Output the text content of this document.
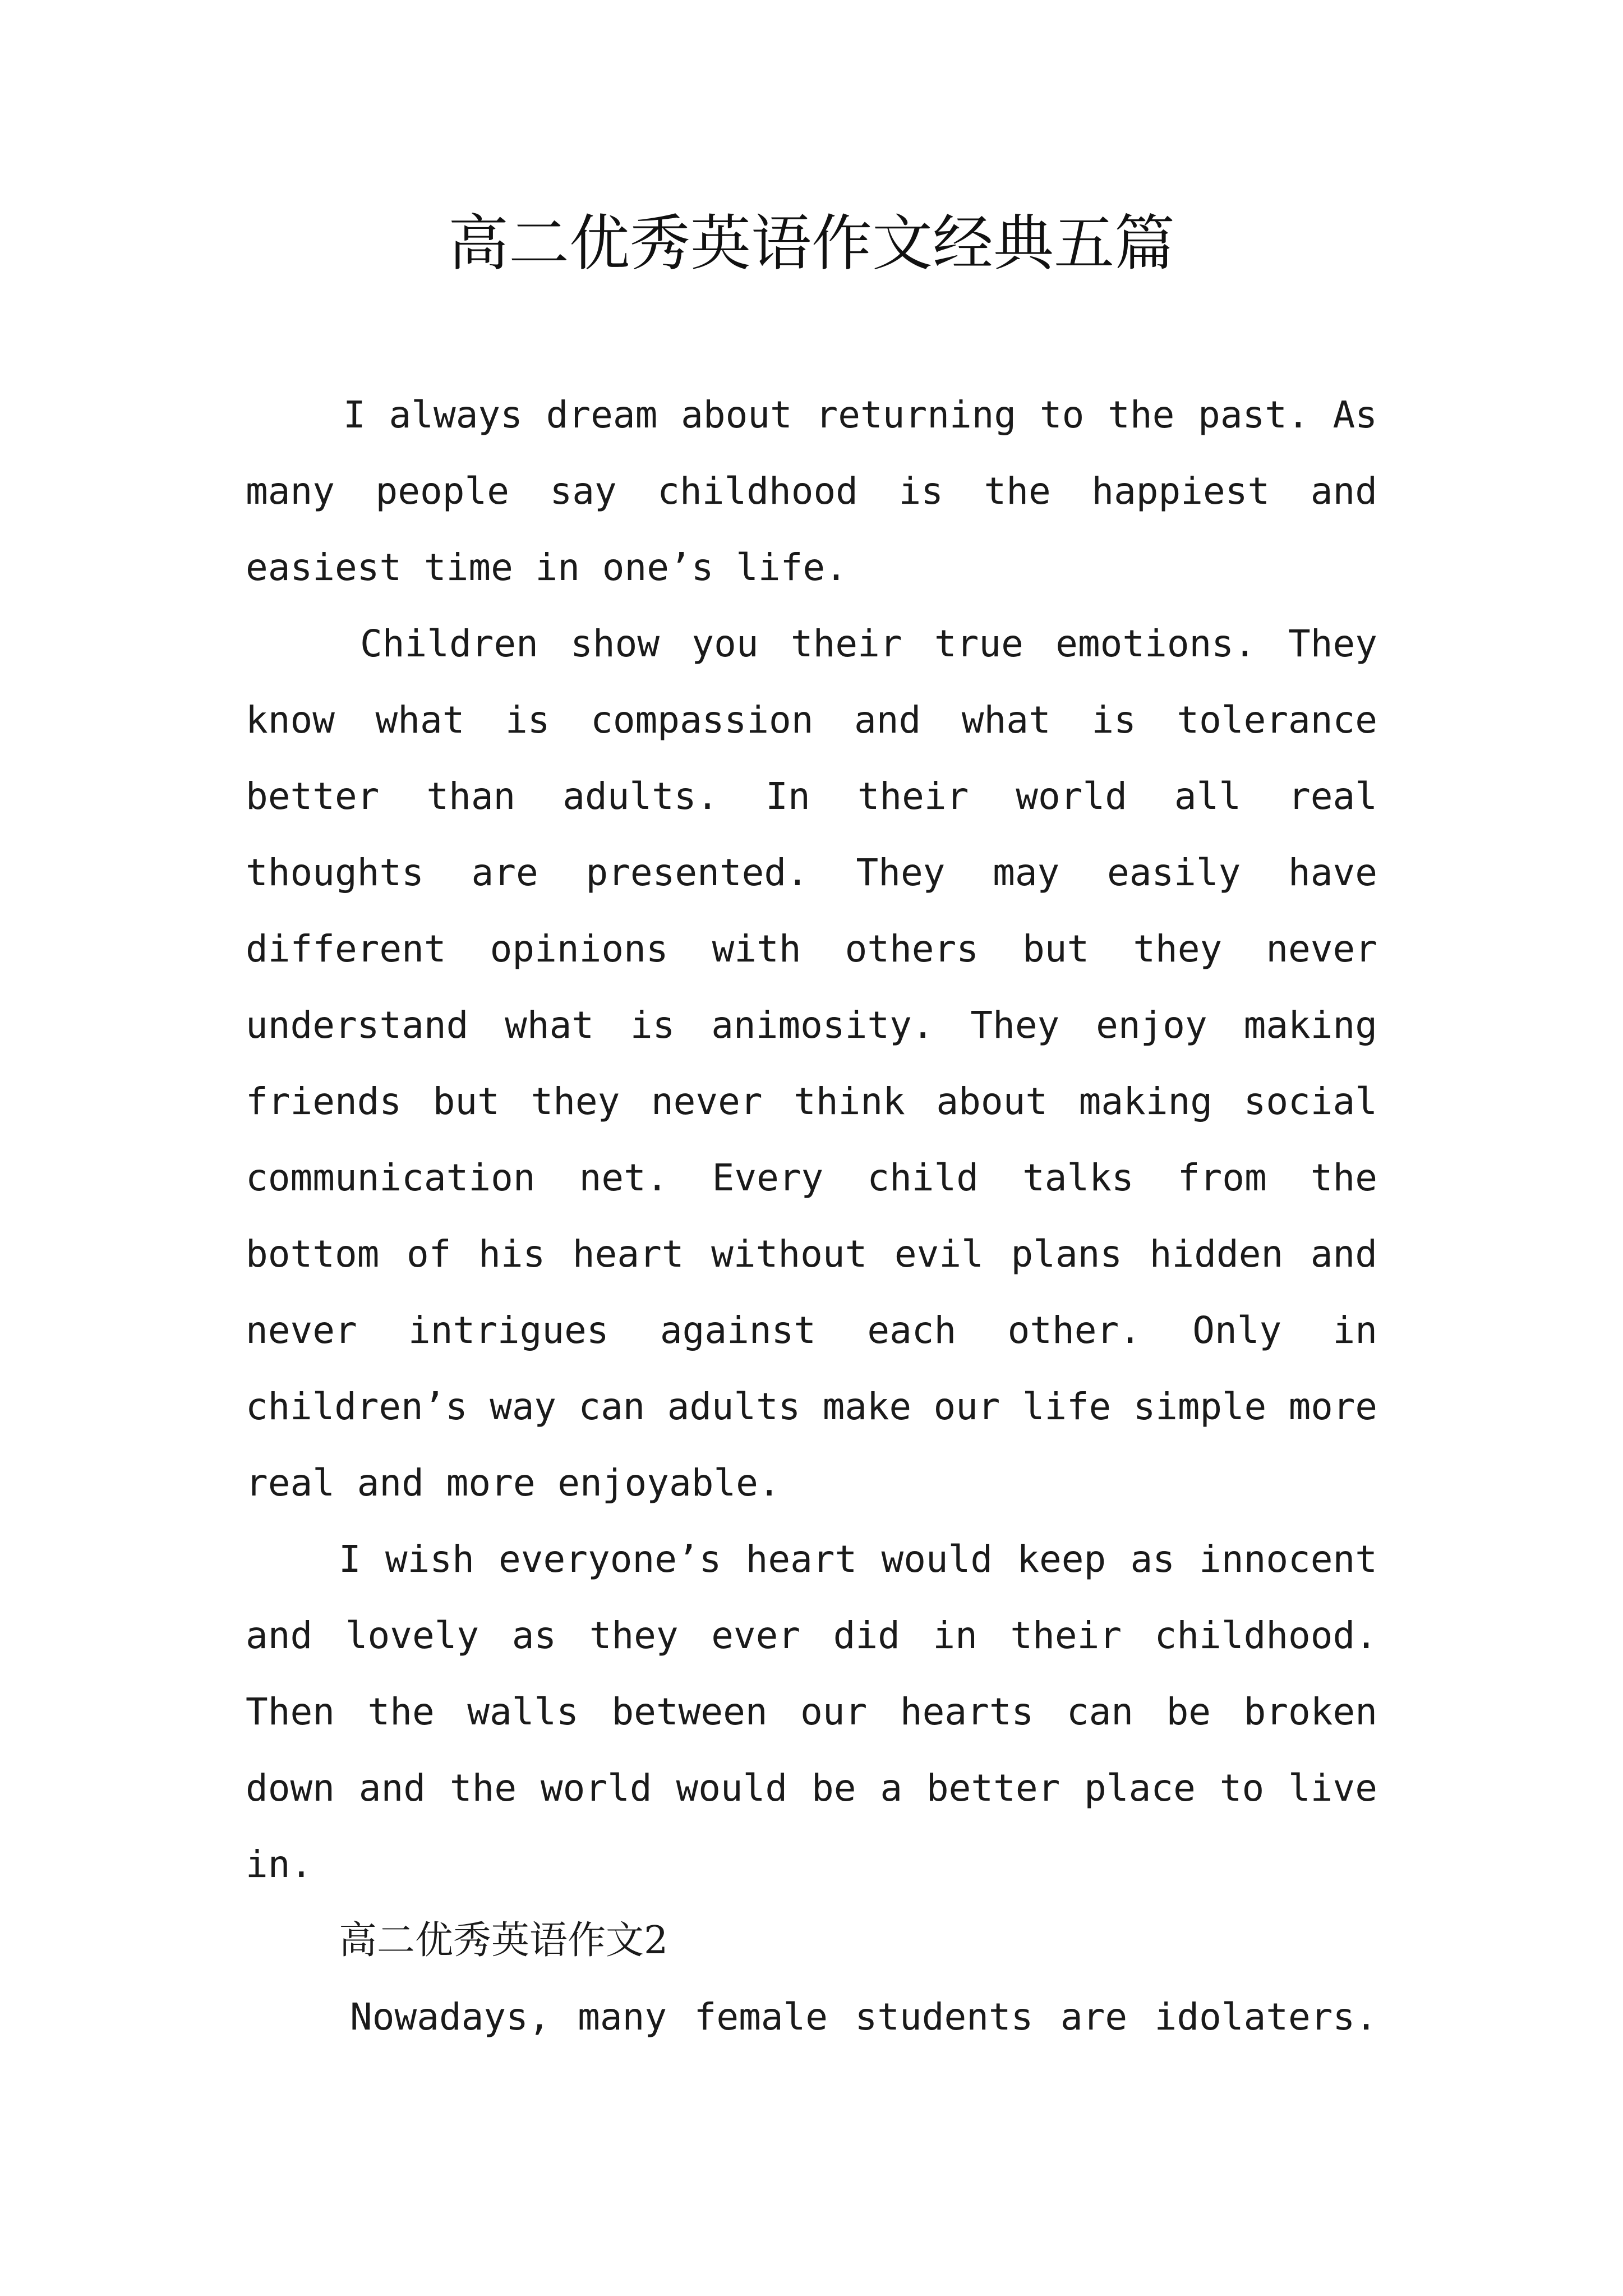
高二优秀英语作文经典五篇
I always dream about returning to the past. As
many people say childhood is the happiest and
easiest time in one’s life.
Children show you their true emotions. They
know what is compassion and what is tolerance
better than adults. In their world all real
thoughts are presented. They may easily have
different opinions with others but they never
understand what is animosity. They enjoy making
friends but they never think about making social
communication net. Every child talks from the
bottom of his heart without evil plans hidden and
never intrigues against each other. Only in
children’s way can adults make our life simple more
real and more enjoyable.
I wish everyone’s heart would keep as innocent
and lovely as they ever did in their childhood.
Then the walls between our hearts can be broken
down and the world would be a better place to live
in.
高二优秀英语作文2
Nowadays, many female students are idolaters.
